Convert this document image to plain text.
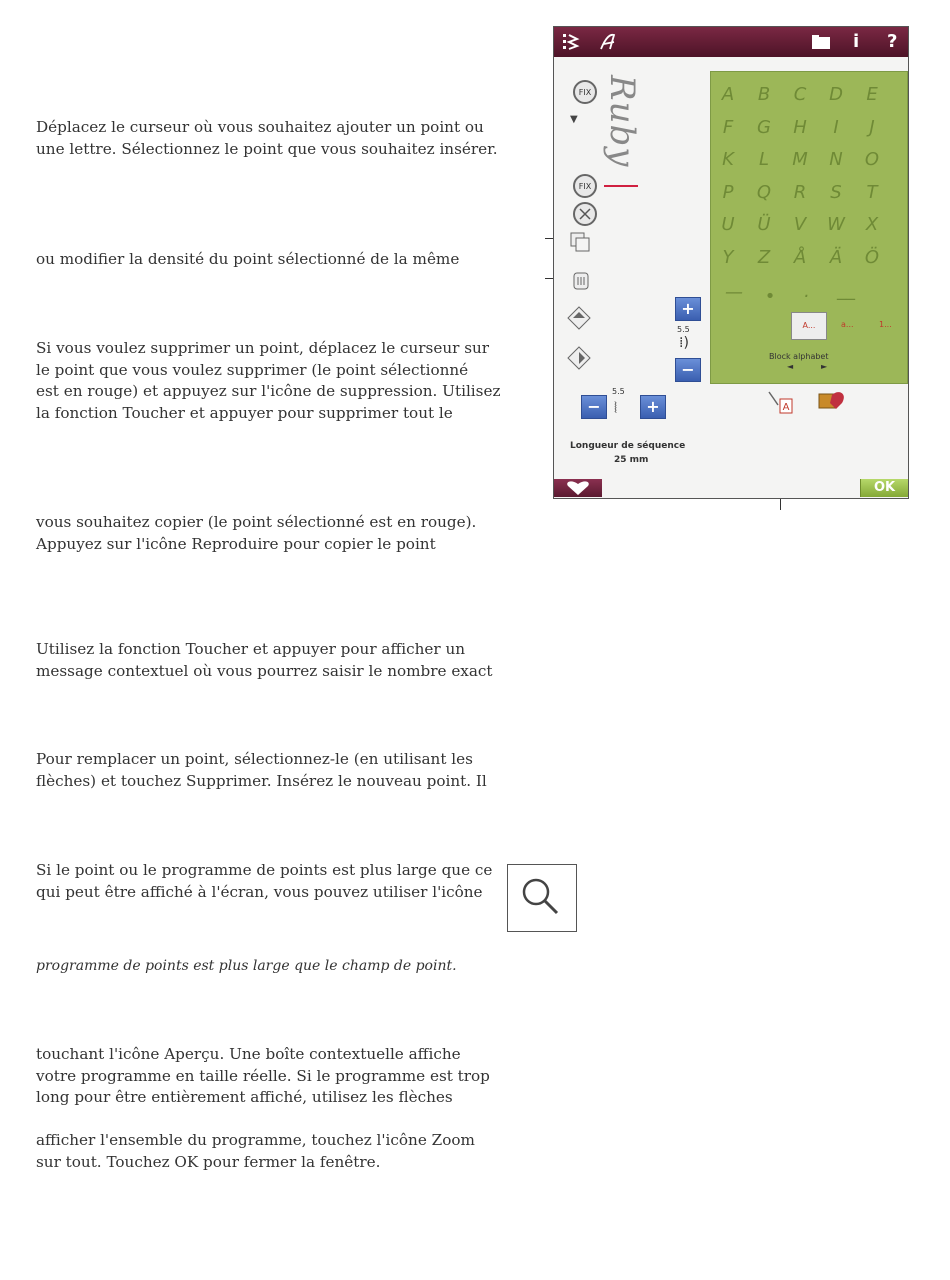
Déplacez le curseur où vous souhaitez ajouter un point ou
une lettre. Sélectionnez le point que vous souhaitez insérer.
ou modifier la densité du point sélectionné de la même
Si vous voulez supprimer un point, déplacez le curseur sur
le point que vous voulez supprimer (le point sélectionné
est en rouge) et appuyez sur l'icône de suppression. Utilisez
la fonction Toucher et appuyer pour supprimer tout le
vous souhaitez copier (le point sélectionné est en rouge).
Appuyez sur l'icône Reproduire pour copier le point
Utilisez la fonction Toucher et appuyer pour afficher un
message contextuel où vous pourrez saisir le nombre exact
Pour remplacer un point, sélectionnez-le (en utilisant les
flèches) et touchez Supprimer. Insérez le nouveau point. Il
Si le point ou le programme de points est plus large que ce
qui peut être affiché à l'écran, vous pouvez utiliser l'icône
programme de points est plus large que le champ de point.
touchant l'icône Aperçu. Une boîte contextuelle affiche
votre programme en taille réelle. Si le programme est trop
long pour être entièrement affiché, utilisez les flèches
afficher l'ensemble du programme, touchez l'icône Zoom
sur tout. Touchez OK pour fermer la fenêtre.
i ?
FIX
▼
FIX
Ruby
+
5.5
⁞)
−
−
5.5
⦚	+
A	B	C	D	E
F	G	H	I	J
K	L	M	N	O
P	Q	R	S	T
U	Ü	V	W	X
Y	Z	Å	Ä	Ö
—	•	·	__
A...	a...	1...
Block alphabet
◄	►
A
Longueur de séquence
25 mm
OK
